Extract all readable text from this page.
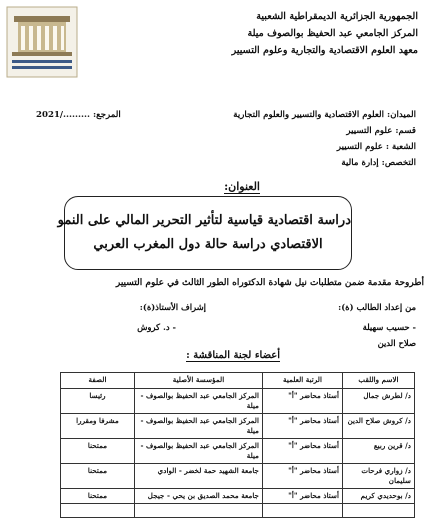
الجمهورية الجزائرية الديمقراطية الشعبية
المركز الجامعي عبد الحفيظ بوالصوف ميلة
معهد العلوم الاقتصادية والتجارية وعلوم التسيير
الميدان: العلوم الاقتصادية والتسيير والعلوم التجارية
المرجع: ........./2021
قسم: علوم التسيير
الشعبة : علوم التسيير
التخصص: إدارة مالية
العنوان:
دراسة اقتصادية قياسية لتأثير التحرير المالي على النمو
الاقتصادي دراسة حالة دول المغرب العربي
أطروحة مقدمة ضمن متطلبات نيل شهادة الدكتوراه الطور الثالث في علوم التسيير
من إعداد الطالب (ة):
إشراف الأستاذ(ة):
- حسيب سهيلة
- د. كروش
صلاح الدين
أعضاء لجنة المناقشة :
الاسم واللقب	الرتبة العلمية	المؤسسة الأصلية	الصفة
د/ لطرش جمال	أستاذ محاضر "أ"	المركز الجامعي عبد الحفيظ بوالصوف - ميلة	رئيسا
د/ كروش صلاح الدين	أستاذ محاضر "أ"	المركز الجامعي عبد الحفيظ بوالصوف - ميلة	مشرفا ومقررا
د/ قرين ربيع	أستاذ محاضر "أ"	المركز الجامعي عبد الحفيظ بوالصوف - ميلة	ممتحنا
د/ زواري فرحات سليمان	أستاذ محاضر "أ"	جامعة الشهيد حمة لخضر - الوادي	ممتحنا
د/ بوحديدي كريم	أستاذ محاضر "أ"	جامعة محمد الصديق بن يحي - جيجل	ممتحنا
